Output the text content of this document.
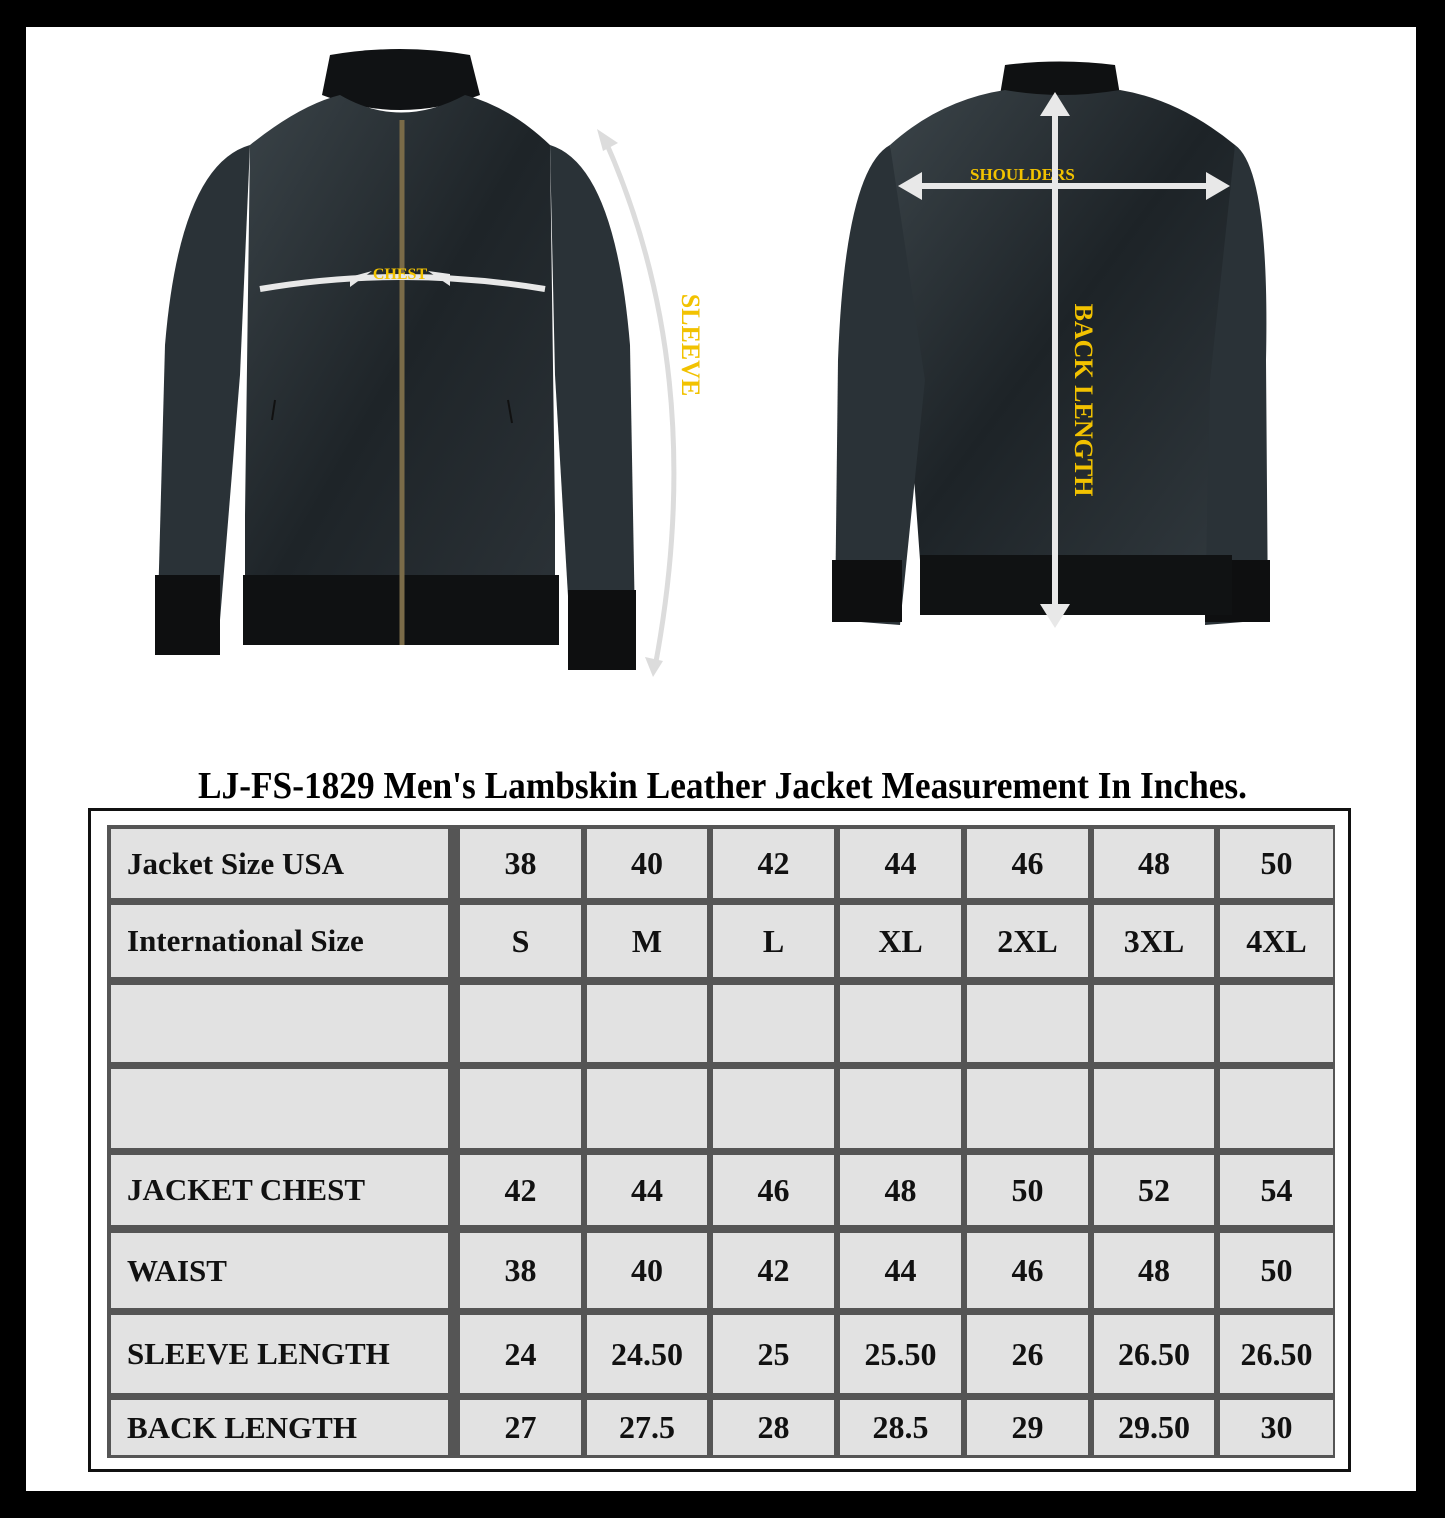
CHEST
SLEEVE
SHOULDERS
BACK LENGTH
LJ-FS-1829 Men's Lambskin Leather Jacket Measurement In Inches.
Jacket Size USA	38	40	42	44	46	48	50
International Size	S	M	L	XL	2XL	3XL	4XL
JACKET CHEST	42	44	46	48	50	52	54
WAIST	38	40	42	44	46	48	50
SLEEVE LENGTH	24	24.50	25	25.50	26	26.50	26.50
BACK LENGTH	27	27.5	28	28.5	29	29.50	30
